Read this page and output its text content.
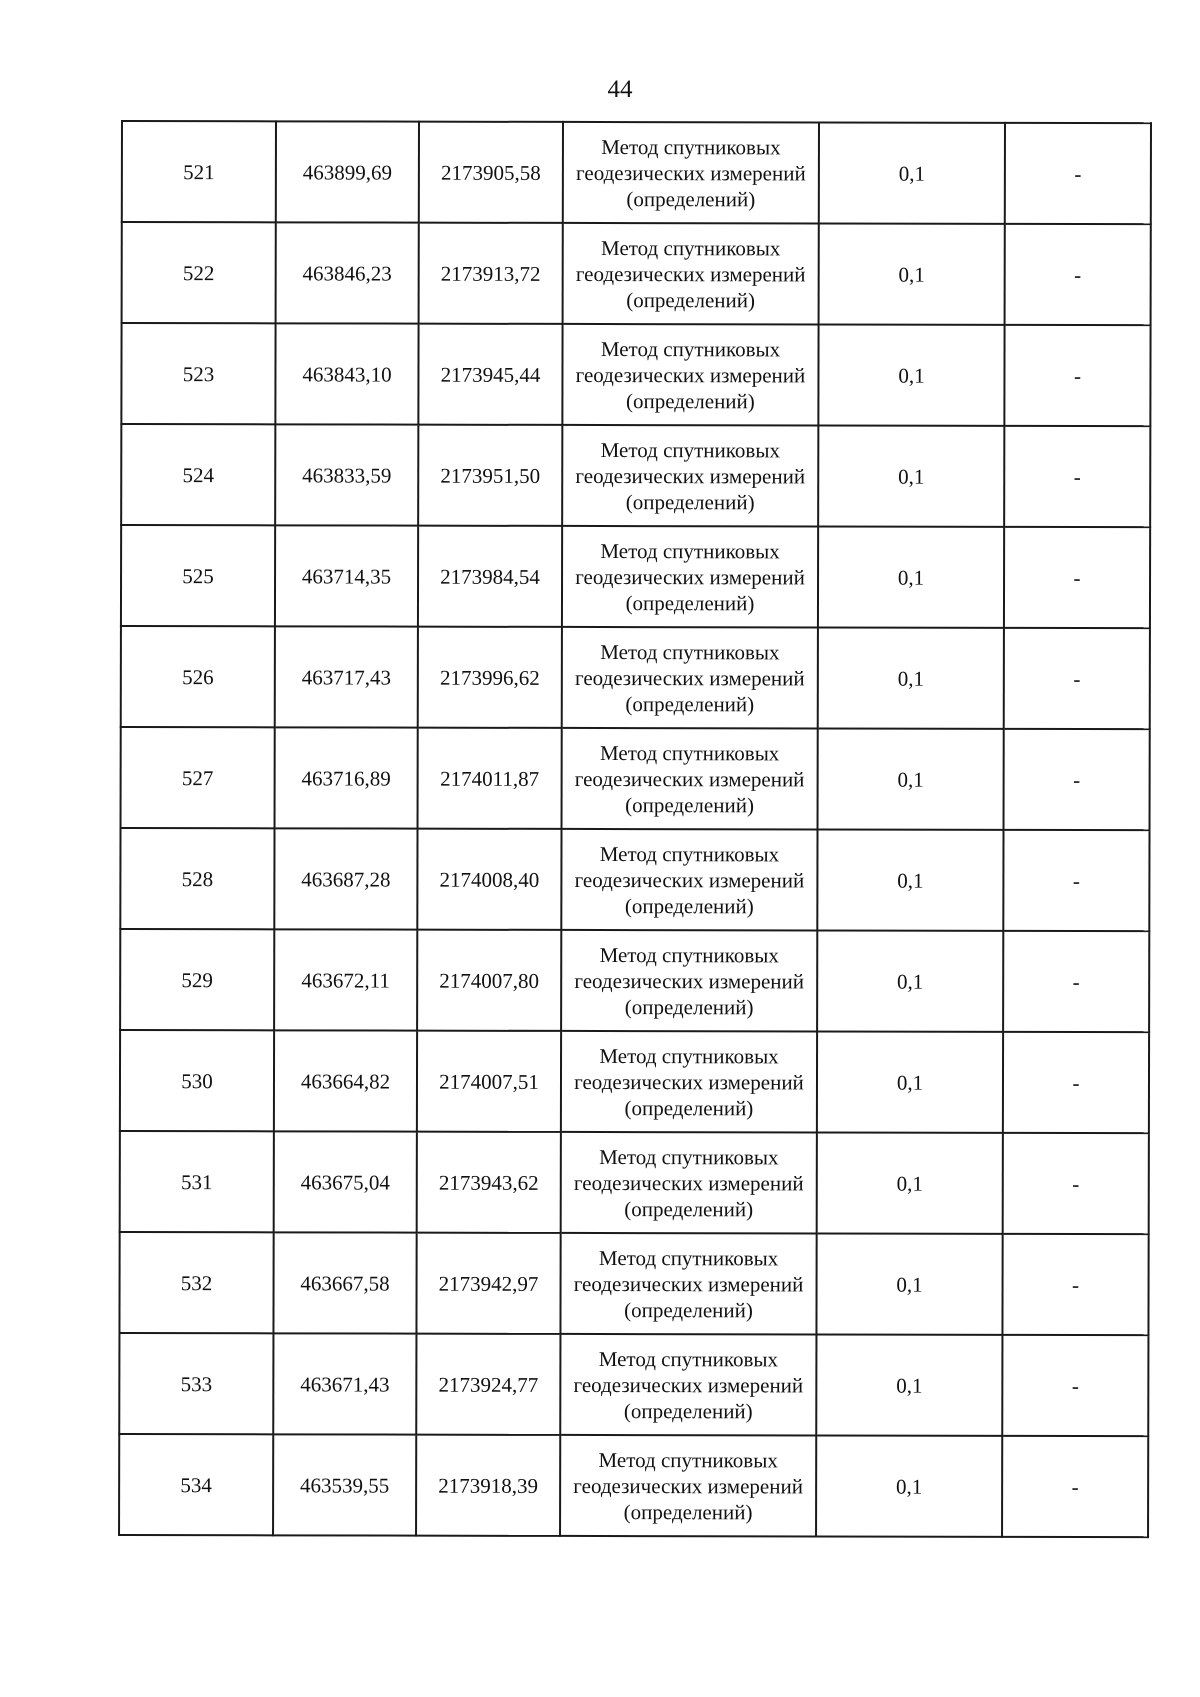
44
521	463899,69	2173905,58	Метод спутниковых
геодезических измерений
(определений)	0,1	-
522	463846,23	2173913,72	Метод спутниковых
геодезических измерений
(определений)	0,1	-
523	463843,10	2173945,44	Метод спутниковых
геодезических измерений
(определений)	0,1	-
524	463833,59	2173951,50	Метод спутниковых
геодезических измерений
(определений)	0,1	-
525	463714,35	2173984,54	Метод спутниковых
геодезических измерений
(определений)	0,1	-
526	463717,43	2173996,62	Метод спутниковых
геодезических измерений
(определений)	0,1	-
527	463716,89	2174011,87	Метод спутниковых
геодезических измерений
(определений)	0,1	-
528	463687,28	2174008,40	Метод спутниковых
геодезических измерений
(определений)	0,1	-
529	463672,11	2174007,80	Метод спутниковых
геодезических измерений
(определений)	0,1	-
530	463664,82	2174007,51	Метод спутниковых
геодезических измерений
(определений)	0,1	-
531	463675,04	2173943,62	Метод спутниковых
геодезических измерений
(определений)	0,1	-
532	463667,58	2173942,97	Метод спутниковых
геодезических измерений
(определений)	0,1	-
533	463671,43	2173924,77	Метод спутниковых
геодезических измерений
(определений)	0,1	-
534	463539,55	2173918,39	Метод спутниковых
геодезических измерений
(определений)	0,1	-
